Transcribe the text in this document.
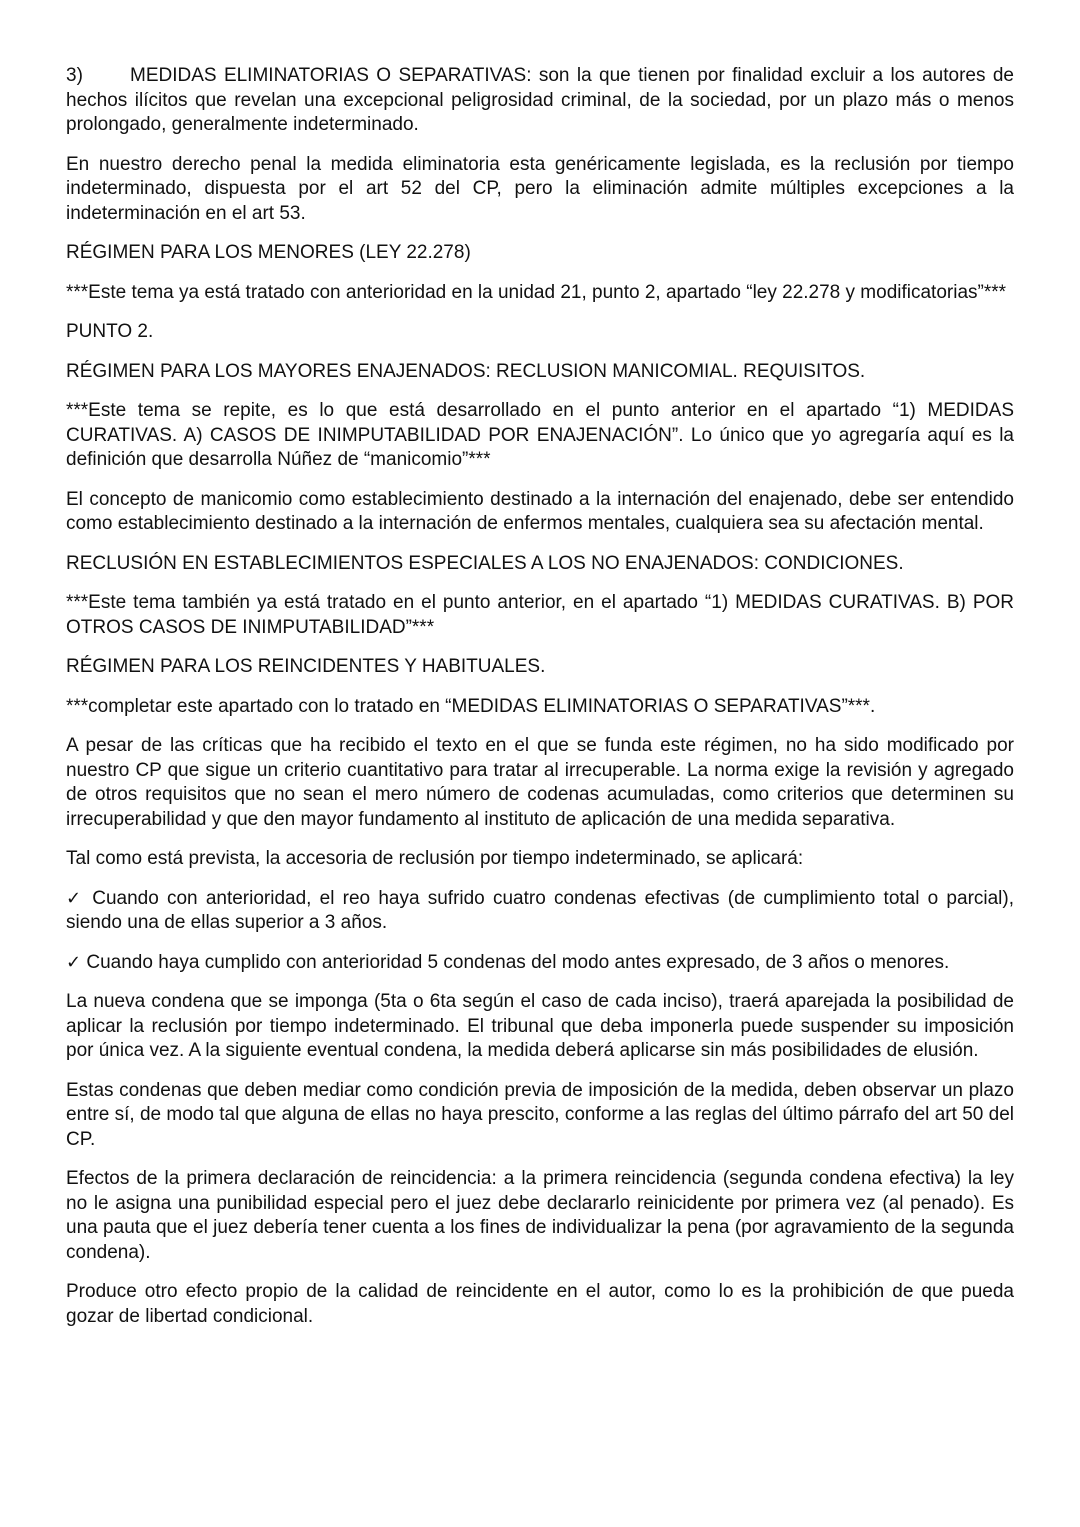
3) MEDIDAS ELIMINATORIAS O SEPARATIVAS: son la que tienen por finalidad excluir a los autores de hechos ilícitos que revelan una excepcional peligrosidad criminal, de la sociedad, por un plazo más o menos prolongado, generalmente indeterminado.

En nuestro derecho penal la medida eliminatoria esta genéricamente legislada, es la reclusión por tiempo indeterminado, dispuesta por el art 52 del CP, pero la eliminación admite múltiples excepciones a la indeterminación en el art 53.

RÉGIMEN PARA LOS MENORES (LEY 22.278)

***Este tema ya está tratado con anterioridad en la unidad 21, punto 2, apartado “ley 22.278 y modificatorias”***

PUNTO 2.

RÉGIMEN PARA LOS MAYORES ENAJENADOS: RECLUSION MANICOMIAL. REQUISITOS.

***Este tema se repite, es lo que está desarrollado en el punto anterior en el apartado “1) MEDIDAS CURATIVAS. A) CASOS DE INIMPUTABILIDAD POR ENAJENACIÓN”. Lo único que yo agregaría aquí es la definición que desarrolla Núñez de “manicomio”***

El concepto de manicomio como establecimiento destinado a la internación del enajenado, debe ser entendido como establecimiento destinado a la internación de enfermos mentales, cualquiera sea su afectación mental.

RECLUSIÓN EN ESTABLECIMIENTOS ESPECIALES A LOS NO ENAJENADOS: CONDICIONES.

***Este tema también ya está tratado en el punto anterior, en el apartado “1) MEDIDAS CURATIVAS. B) POR OTROS CASOS DE INIMPUTABILIDAD”***

RÉGIMEN PARA LOS REINCIDENTES Y HABITUALES.

***completar este apartado con lo tratado en “MEDIDAS ELIMINATORIAS O SEPARATIVAS”***.

A pesar de las críticas que ha recibido el texto en el que se funda este régimen, no ha sido modificado por nuestro CP que sigue un criterio cuantitativo para tratar al irrecuperable. La norma exige la revisión y agregado de otros requisitos que no sean el mero número de codenas acumuladas, como criterios que determinen su irrecuperabilidad y que den mayor fundamento al instituto de aplicación de una medida separativa.

Tal como está prevista, la accesoria de reclusión por tiempo indeterminado, se aplicará:

✓ Cuando con anterioridad, el reo haya sufrido cuatro condenas efectivas (de cumplimiento total o parcial), siendo una de ellas superior a 3 años.

✓ Cuando haya cumplido con anterioridad 5 condenas del modo antes expresado, de 3 años o menores.

La nueva condena que se imponga (5ta o 6ta según el caso de cada inciso), traerá aparejada la posibilidad de aplicar la reclusión por tiempo indeterminado. El tribunal que deba imponerla puede suspender su imposición por única vez. A la siguiente eventual condena, la medida deberá aplicarse sin más posibilidades de elusión.

Estas condenas que deben mediar como condición previa de imposición de la medida, deben observar un plazo entre sí, de modo tal que alguna de ellas no haya prescito, conforme a las reglas del último párrafo del art 50 del CP.

Efectos de la primera declaración de reincidencia: a la primera reincidencia (segunda condena efectiva) la ley no le asigna una punibilidad especial pero el juez debe declararlo reinicidente por primera vez (al penado). Es una pauta que el juez debería tener cuenta a los fines de individualizar la pena (por agravamiento de la segunda condena).

Produce otro efecto propio de la calidad de reincidente en el autor, como lo es la prohibición de que pueda gozar de libertad condicional.
